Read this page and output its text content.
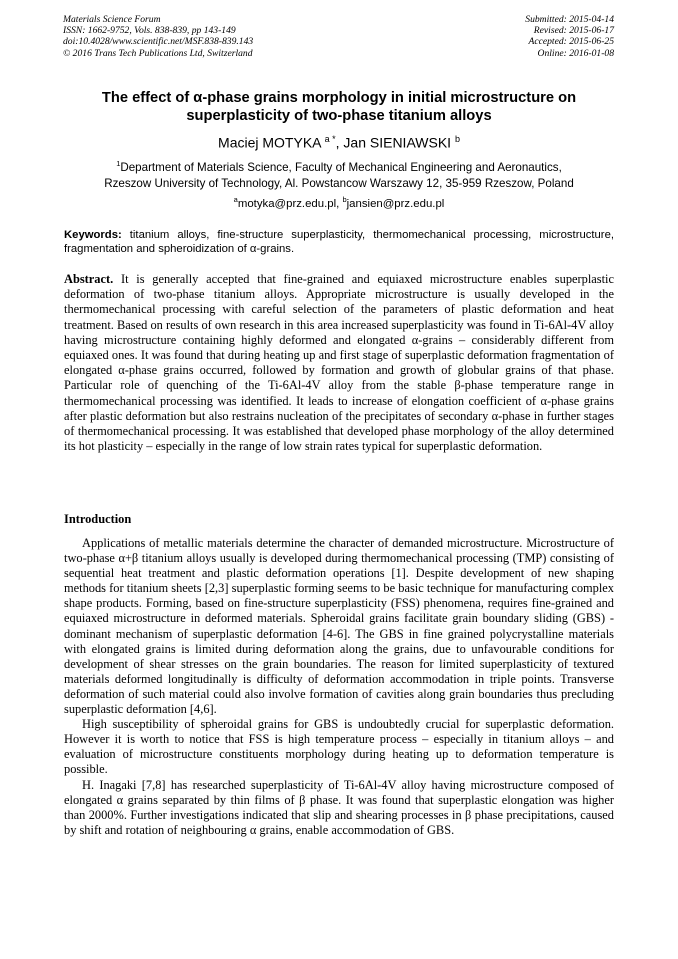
Materials Science Forum
ISSN: 1662-9752, Vols. 838-839, pp 143-149
doi:10.4028/www.scientific.net/MSF.838-839.143
© 2016 Trans Tech Publications Ltd, Switzerland
Submitted: 2015-04-14
Revised: 2015-06-17
Accepted: 2015-06-25
Online: 2016-01-08
The effect of α-phase grains morphology in initial microstructure on
superplasticity of two-phase titanium alloys
Maciej MOTYKA $^{a *}$, Jan SIENIAWSKI $^b$
$^1$Department of Materials Science, Faculty of Mechanical Engineering and Aeronautics,
Rzeszow University of Technology, Al. Powstancow Warszawy 12, 35-959 Rzeszow, Poland
$^a$motyka@prz.edu.pl, $^b$jansien@prz.edu.pl
Keywords: titanium alloys, fine-structure superplasticity, thermomechanical processing, microstructure, fragmentation and spheroidization of α-grains.
Abstract. It is generally accepted that fine-grained and equiaxed microstructure enables superplastic deformation of two-phase titanium alloys. Appropriate microstructure is usually developed in the thermomechanical processing with careful selection of the parameters of plastic deformation and heat treatment. Based on results of own research in this area increased superplasticity was found in Ti-6Al-4V alloy having microstructure containing highly deformed and elongated α-grains – considerably different from equiaxed ones. It was found that during heating up and first stage of superplastic deformation fragmentation of elongated α-phase grains occurred, followed by formation and growth of globular grains of that phase. Particular role of quenching of the Ti-6Al-4V alloy from the stable β-phase temperature range in thermomechanical processing was identified. It leads to increase of elongation coefficient of α-phase grains after plastic deformation but also restrains nucleation of the precipitates of secondary α-phase in further stages of thermomechanical processing. It was established that developed phase morphology of the alloy determined its hot plasticity – especially in the range of low strain rates typical for superplastic deformation.
Introduction

Applications of metallic materials determine the character of demanded microstructure. Microstructure of two-phase α+β titanium alloys usually is developed during thermomechanical processing (TMP) consisting of sequential heat treatment and plastic deformation operations [1]. Despite development of new shaping methods for titanium sheets [2,3] superplastic forming seems to be basic technique for manufacturing complex shape products. Forming, based on fine-structure superplasticity (FSS) phenomena, requires fine-grained and equiaxed microstructure in deformed materials. Spheroidal grains facilitate grain boundary sliding (GBS) - dominant mechanism of superplastic deformation [4-6]. The GBS in fine grained polycrystalline materials with elongated grains is limited during deformation along the grains, due to unfavourable conditions for development of shear stresses on the grain boundaries. The reason for limited superplasticity of textured materials deformed longitudinally is difficulty of deformation accommodation in triple points. Transverse deformation of such material could also involve formation of cavities along grain boundaries thus precluding superplastic deformation [4,6].

High susceptibility of spheroidal grains for GBS is undoubtedly crucial for superplastic deformation. However it is worth to notice that FSS is high temperature process – especially in titanium alloys – and evaluation of microstructure constituents morphology during heating up to deformation temperature is possible.

H. Inagaki [7,8] has researched superplasticity of Ti-6Al-4V alloy having microstructure composed of elongated α grains separated by thin films of β phase. It was found that superplastic elongation was higher than 2000%. Further investigations indicated that slip and shearing processes in β phase precipitations, caused by shift and rotation of neighbouring α grains, enable accommodation of GBS.
